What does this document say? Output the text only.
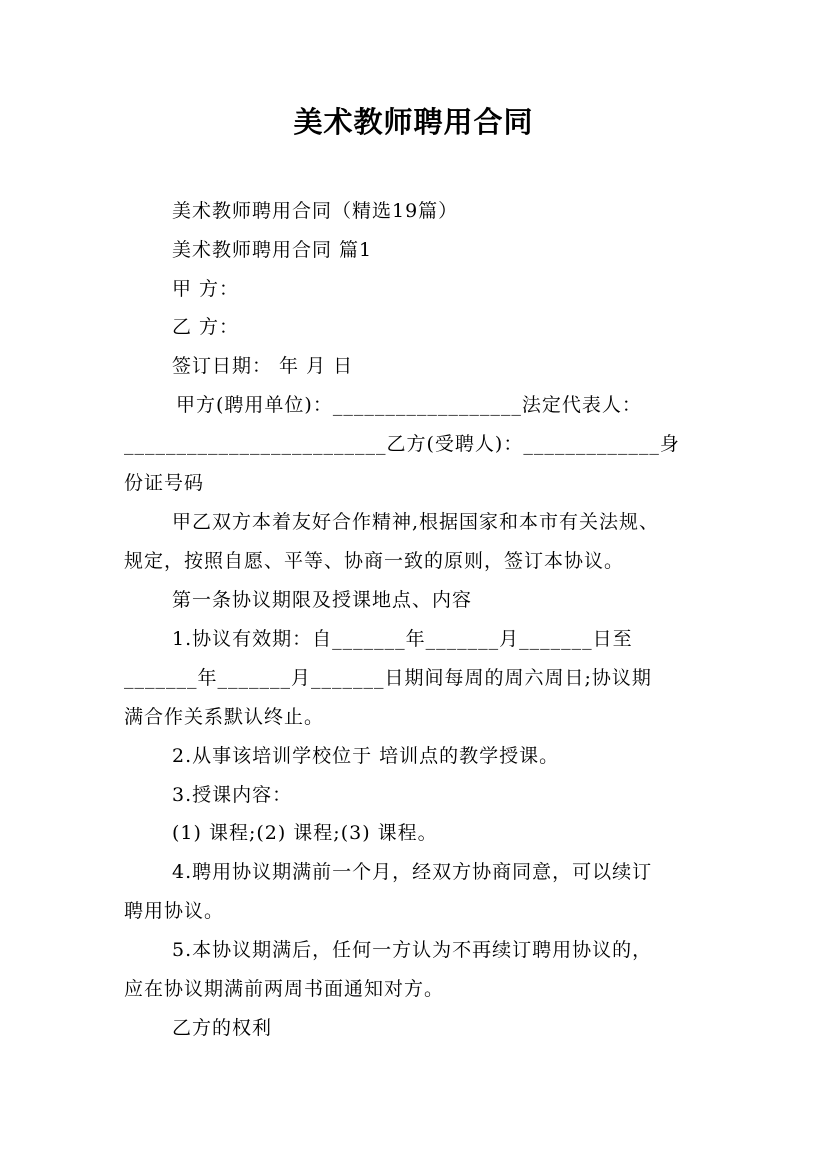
美术教师聘用合同
美术教师聘用合同（精选19篇）
美术教师聘用合同 篇1
甲 方：
乙 方：
签订日期： 年 月 日
甲方(聘用单位)：__________________法定代表人：
_________________________乙方(受聘人)：_____________身
份证号码
甲乙双方本着友好合作精神,根据国家和本市有关法规、
规定，按照自愿、平等、协商一致的原则，签订本协议。
第一条协议期限及授课地点、内容
1.协议有效期：自_______年_______月_______日至
_______年_______月_______日期间每周的周六周日;协议期
满合作关系默认终止。
2.从事该培训学校位于 培训点的教学授课。
3.授课内容：
(1) 课程;(2) 课程;(3) 课程。
4.聘用协议期满前一个月，经双方协商同意，可以续订
聘用协议。
5.本协议期满后，任何一方认为不再续订聘用协议的，
应在协议期满前两周书面通知对方。
乙方的权利
